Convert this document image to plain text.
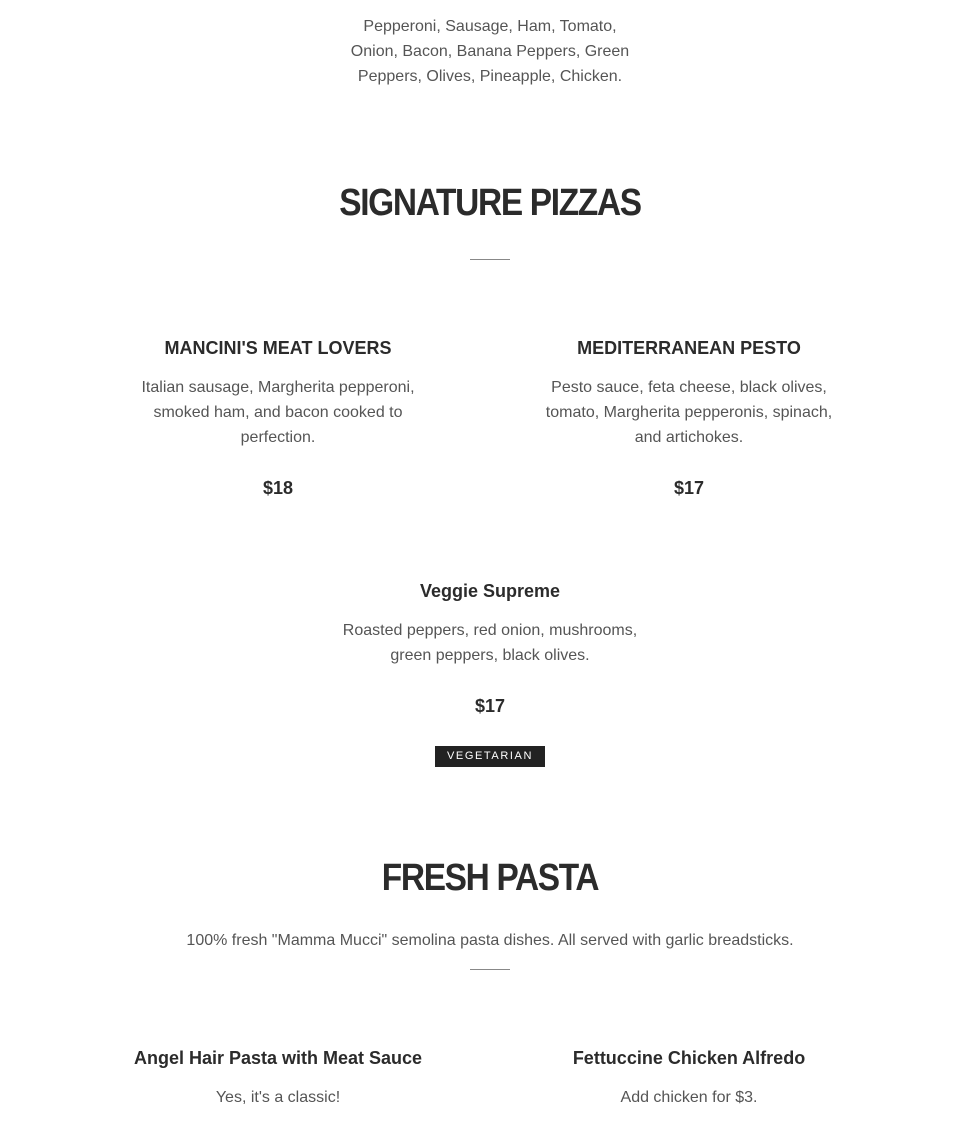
Pepperoni, Sausage, Ham, Tomato, Onion, Bacon, Banana Peppers, Green Peppers, Olives, Pineapple, Chicken.

SIGNATURE PIZZAS
MANCINI'S MEAT LOVERS

Italian sausage, Margherita pepperoni, smoked ham, and bacon cooked to perfection.

$18

MEDITERRANEAN PESTO

Pesto sauce, feta cheese, black olives, tomato, Margherita pepperonis, spinach, and artichokes.

$17

Veggie Supreme

Roasted peppers, red onion, mushrooms, green peppers, black olives.

$17

VEGETARIAN
FRESH PASTA

100% fresh "Mamma Mucci" semolina pasta dishes. All served with garlic breadsticks.

Angel Hair Pasta with Meat Sauce

Yes, it's a classic!

Fettuccine Chicken Alfredo

Add chicken for $3.
